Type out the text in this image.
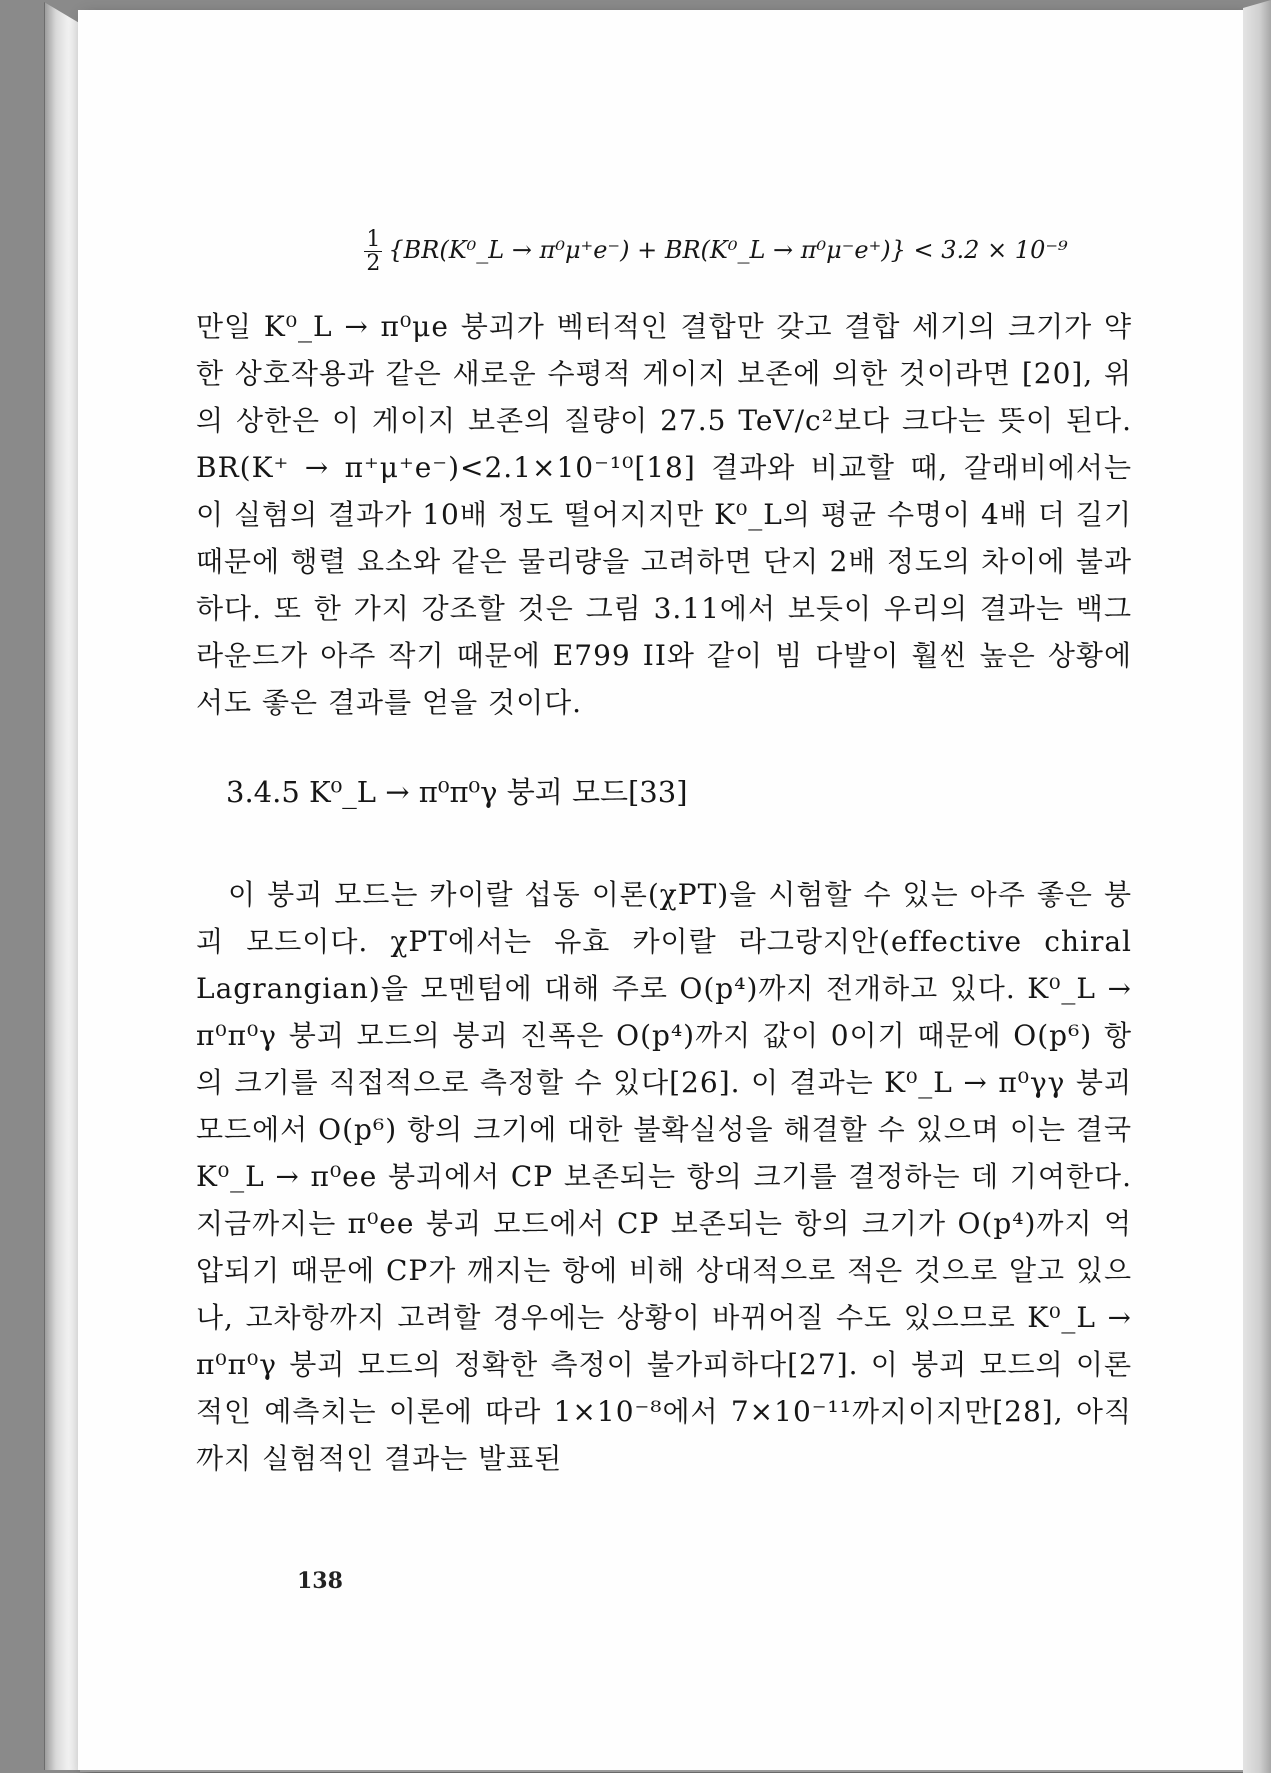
$\frac{1}{2}$ {BR(K⁰_L → π⁰μ⁺e⁻) + BR(K⁰_L → π⁰μ⁻e⁺)} < 3.2 × 10⁻⁹

만일 K⁰_L → π⁰μe 붕괴가 벡터적인 결합만 갖고 결합 세기의 크기가 약한 상호작용과 같은 새로운 수평적 게이지 보존에 의한 것이라면 [20], 위의 상한은 이 게이지 보존의 질량이 27.5 TeV/c²보다 크다는 뜻이 된다. BR(K⁺ → π⁺μ⁺e⁻)<2.1×10⁻¹⁰[18] 결과와 비교할 때, 갈래비에서는 이 실험의 결과가 10배 정도 떨어지지만 K⁰_L의 평균 수명이 4배 더 길기 때문에 행렬 요소와 같은 물리량을 고려하면 단지 2배 정도의 차이에 불과하다. 또 한 가지 강조할 것은 그림 3.11에서 보듯이 우리의 결과는 백그라운드가 아주 작기 때문에 E799 II와 같이 빔 다발이 훨씬 높은 상황에서도 좋은 결과를 얻을 것이다.

3.4.5 K⁰_L → π⁰π⁰γ 붕괴 모드[33]

이 붕괴 모드는 카이랄 섭동 이론(χPT)을 시험할 수 있는 아주 좋은 붕괴 모드이다. χPT에서는 유효 카이랄 라그랑지안(effective chiral Lagrangian)을 모멘텀에 대해 주로 O(p⁴)까지 전개하고 있다. K⁰_L → π⁰π⁰γ 붕괴 모드의 붕괴 진폭은 O(p⁴)까지 값이 0이기 때문에 O(p⁶) 항의 크기를 직접적으로 측정할 수 있다[26]. 이 결과는 K⁰_L → π⁰γγ 붕괴 모드에서 O(p⁶) 항의 크기에 대한 불확실성을 해결할 수 있으며 이는 결국 K⁰_L → π⁰ee 붕괴에서 CP 보존되는 항의 크기를 결정하는 데 기여한다. 지금까지는 π⁰ee 붕괴 모드에서 CP 보존되는 항의 크기가 O(p⁴)까지 억압되기 때문에 CP가 깨지는 항에 비해 상대적으로 적은 것으로 알고 있으나, 고차항까지 고려할 경우에는 상황이 바뀌어질 수도 있으므로 K⁰_L → π⁰π⁰γ 붕괴 모드의 정확한 측정이 불가피하다[27]. 이 붕괴 모드의 이론적인 예측치는 이론에 따라 1×10⁻⁸에서 7×10⁻¹¹까지이지만[28], 아직까지 실험적인 결과는 발표된

138
